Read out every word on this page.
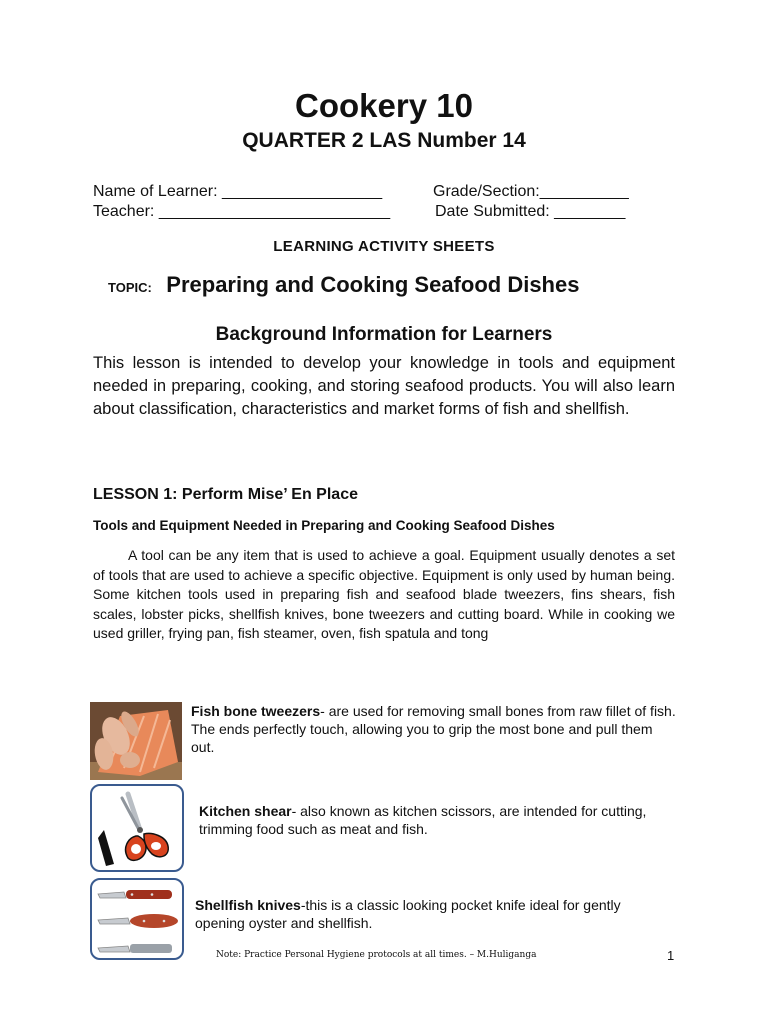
Cookery 10
QUARTER 2 LAS Number 14
Name of Learner: __________________	Grade/Section:__________
Teacher: __________________________	Date Submitted: ________

LEARNING ACTIVITY SHEETS

TOPIC: Preparing and Cooking Seafood Dishes
Background Information for Learners

This lesson is intended to develop your knowledge in tools and equipment needed in preparing, cooking, and storing seafood products. You will also learn about classification, characteristics and market forms of fish and shellfish.

LESSON 1: Perform Mise’ En Place
Tools and Equipment Needed in Preparing and Cooking Seafood Dishes

A tool can be any item that is used to achieve a goal. Equipment usually denotes a set of tools that are used to achieve a specific objective. Equipment is only used by human being. Some kitchen tools used in preparing fish and seafood blade tweezers, fins shears, fish scales, lobster picks, shellfish knives, bone tweezers and cutting board. While in cooking we used griller, frying pan, fish steamer, oven, fish spatula and tong

Fish bone tweezers- are used for removing small bones from raw fillet of fish. The ends perfectly touch, allowing you to grip the most bone and pull them out.

Kitchen shear- also known as kitchen scissors, are intended for cutting, trimming food such as meat and fish.

Shellfish knives-this is a classic looking pocket knife ideal for gently opening oyster and shellfish.

Note: Practice Personal Hygiene protocols at all times. – M.Huliganga	1
